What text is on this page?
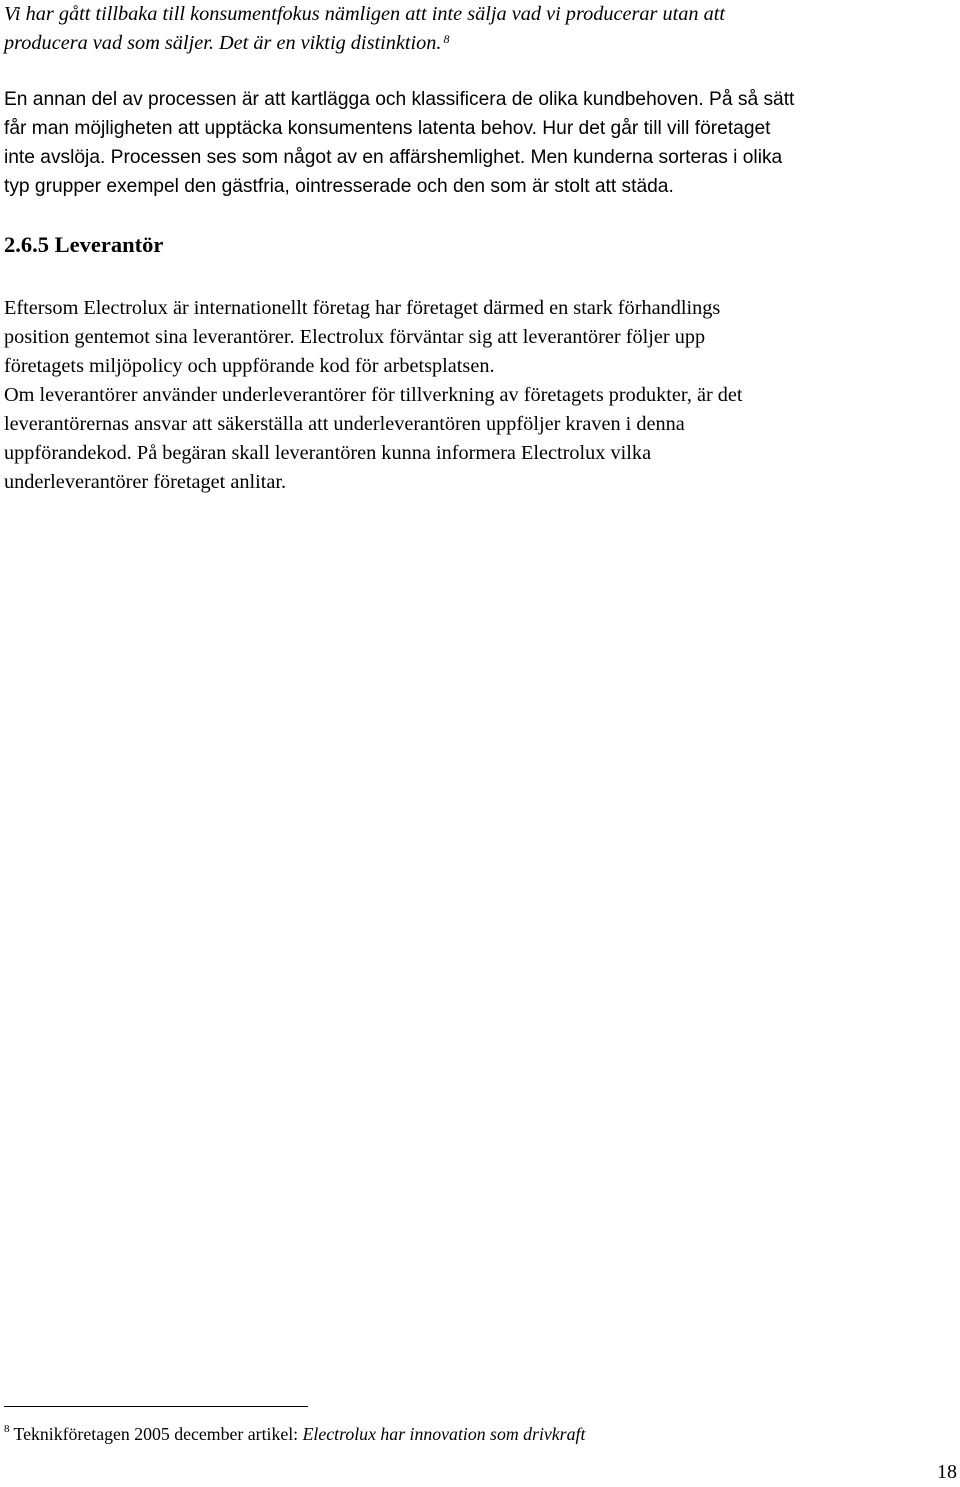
Vi har gått tillbaka till konsumentfokus nämligen att inte sälja vad vi producerar utan att
producera vad som säljer. Det är en viktig distinktion. $^8$

En annan del av processen är att kartlägga och klassificera de olika kundbehoven. På så sätt
får man möjligheten att upptäcka konsumentens latenta behov. Hur det går till vill företaget
inte avslöja. Processen ses som något av en affärshemlighet. Men kunderna sorteras i olika
typ grupper exempel den gästfria, ointresserade och den som är stolt att städa.

2.6.5 Leverantör

Eftersom Electrolux är internationellt företag har företaget därmed en stark förhandlings
position gentemot sina leverantörer. Electrolux förväntar sig att leverantörer följer upp
företagets miljöpolicy och uppförande kod för arbetsplatsen.
Om leverantörer använder underleverantörer för tillverkning av företagets produkter, är det
leverantörernas ansvar att säkerställa att underleverantören uppföljer kraven i denna
uppförandekod. På begäran skall leverantören kunna informera Electrolux vilka
underleverantörer företaget anlitar.

$^8$ Teknikföretagen 2005 december artikel: Electrolux har innovation som drivkraft

18
